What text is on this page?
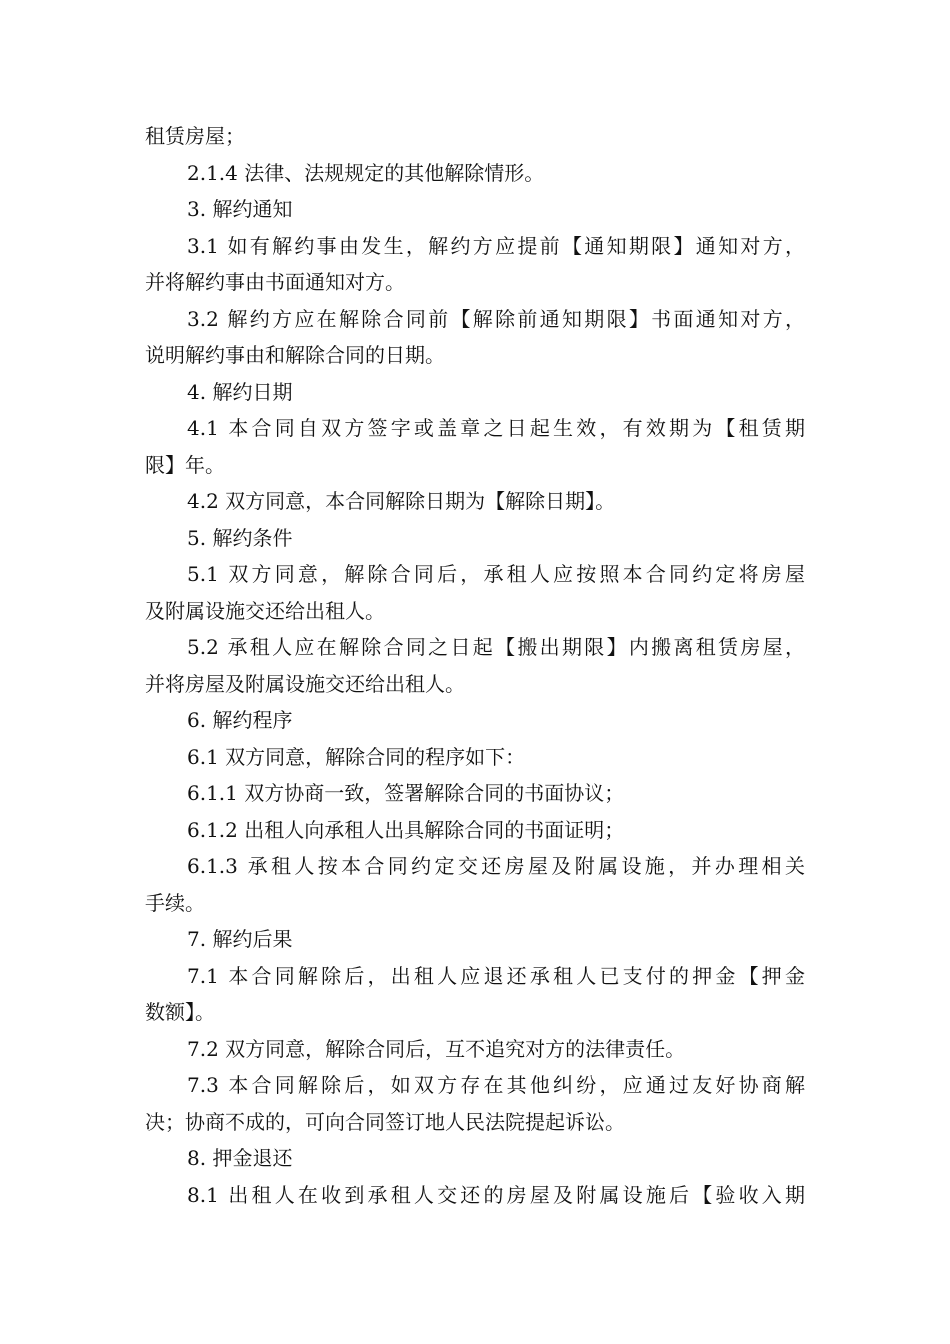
租赁房屋；

2.1.4 法律、法规规定的其他解除情形。

3. 解约通知

3.1 如有解约事由发生，解约方应提前【通知期限】通知对方，

并将解约事由书面通知对方。

3.2 解约方应在解除合同前【解除前通知期限】书面通知对方，

说明解约事由和解除合同的日期。

4. 解约日期

4.1 本合同自双方签字或盖章之日起生效，有效期为【租赁期

限】年。

4.2 双方同意，本合同解除日期为【解除日期】。

5. 解约条件

5.1 双方同意，解除合同后，承租人应按照本合同约定将房屋

及附属设施交还给出租人。

5.2 承租人应在解除合同之日起【搬出期限】内搬离租赁房屋，

并将房屋及附属设施交还给出租人。

6. 解约程序

6.1 双方同意，解除合同的程序如下：

6.1.1 双方协商一致，签署解除合同的书面协议；

6.1.2 出租人向承租人出具解除合同的书面证明；

6.1.3 承租人按本合同约定交还房屋及附属设施，并办理相关

手续。

7. 解约后果

7.1 本合同解除后，出租人应退还承租人已支付的押金【押金

数额】。

7.2 双方同意，解除合同后，互不追究对方的法律责任。

7.3 本合同解除后，如双方存在其他纠纷，应通过友好协商解

决；协商不成的，可向合同签订地人民法院提起诉讼。

8. 押金退还

8.1 出租人在收到承租人交还的房屋及附属设施后【验收入期
